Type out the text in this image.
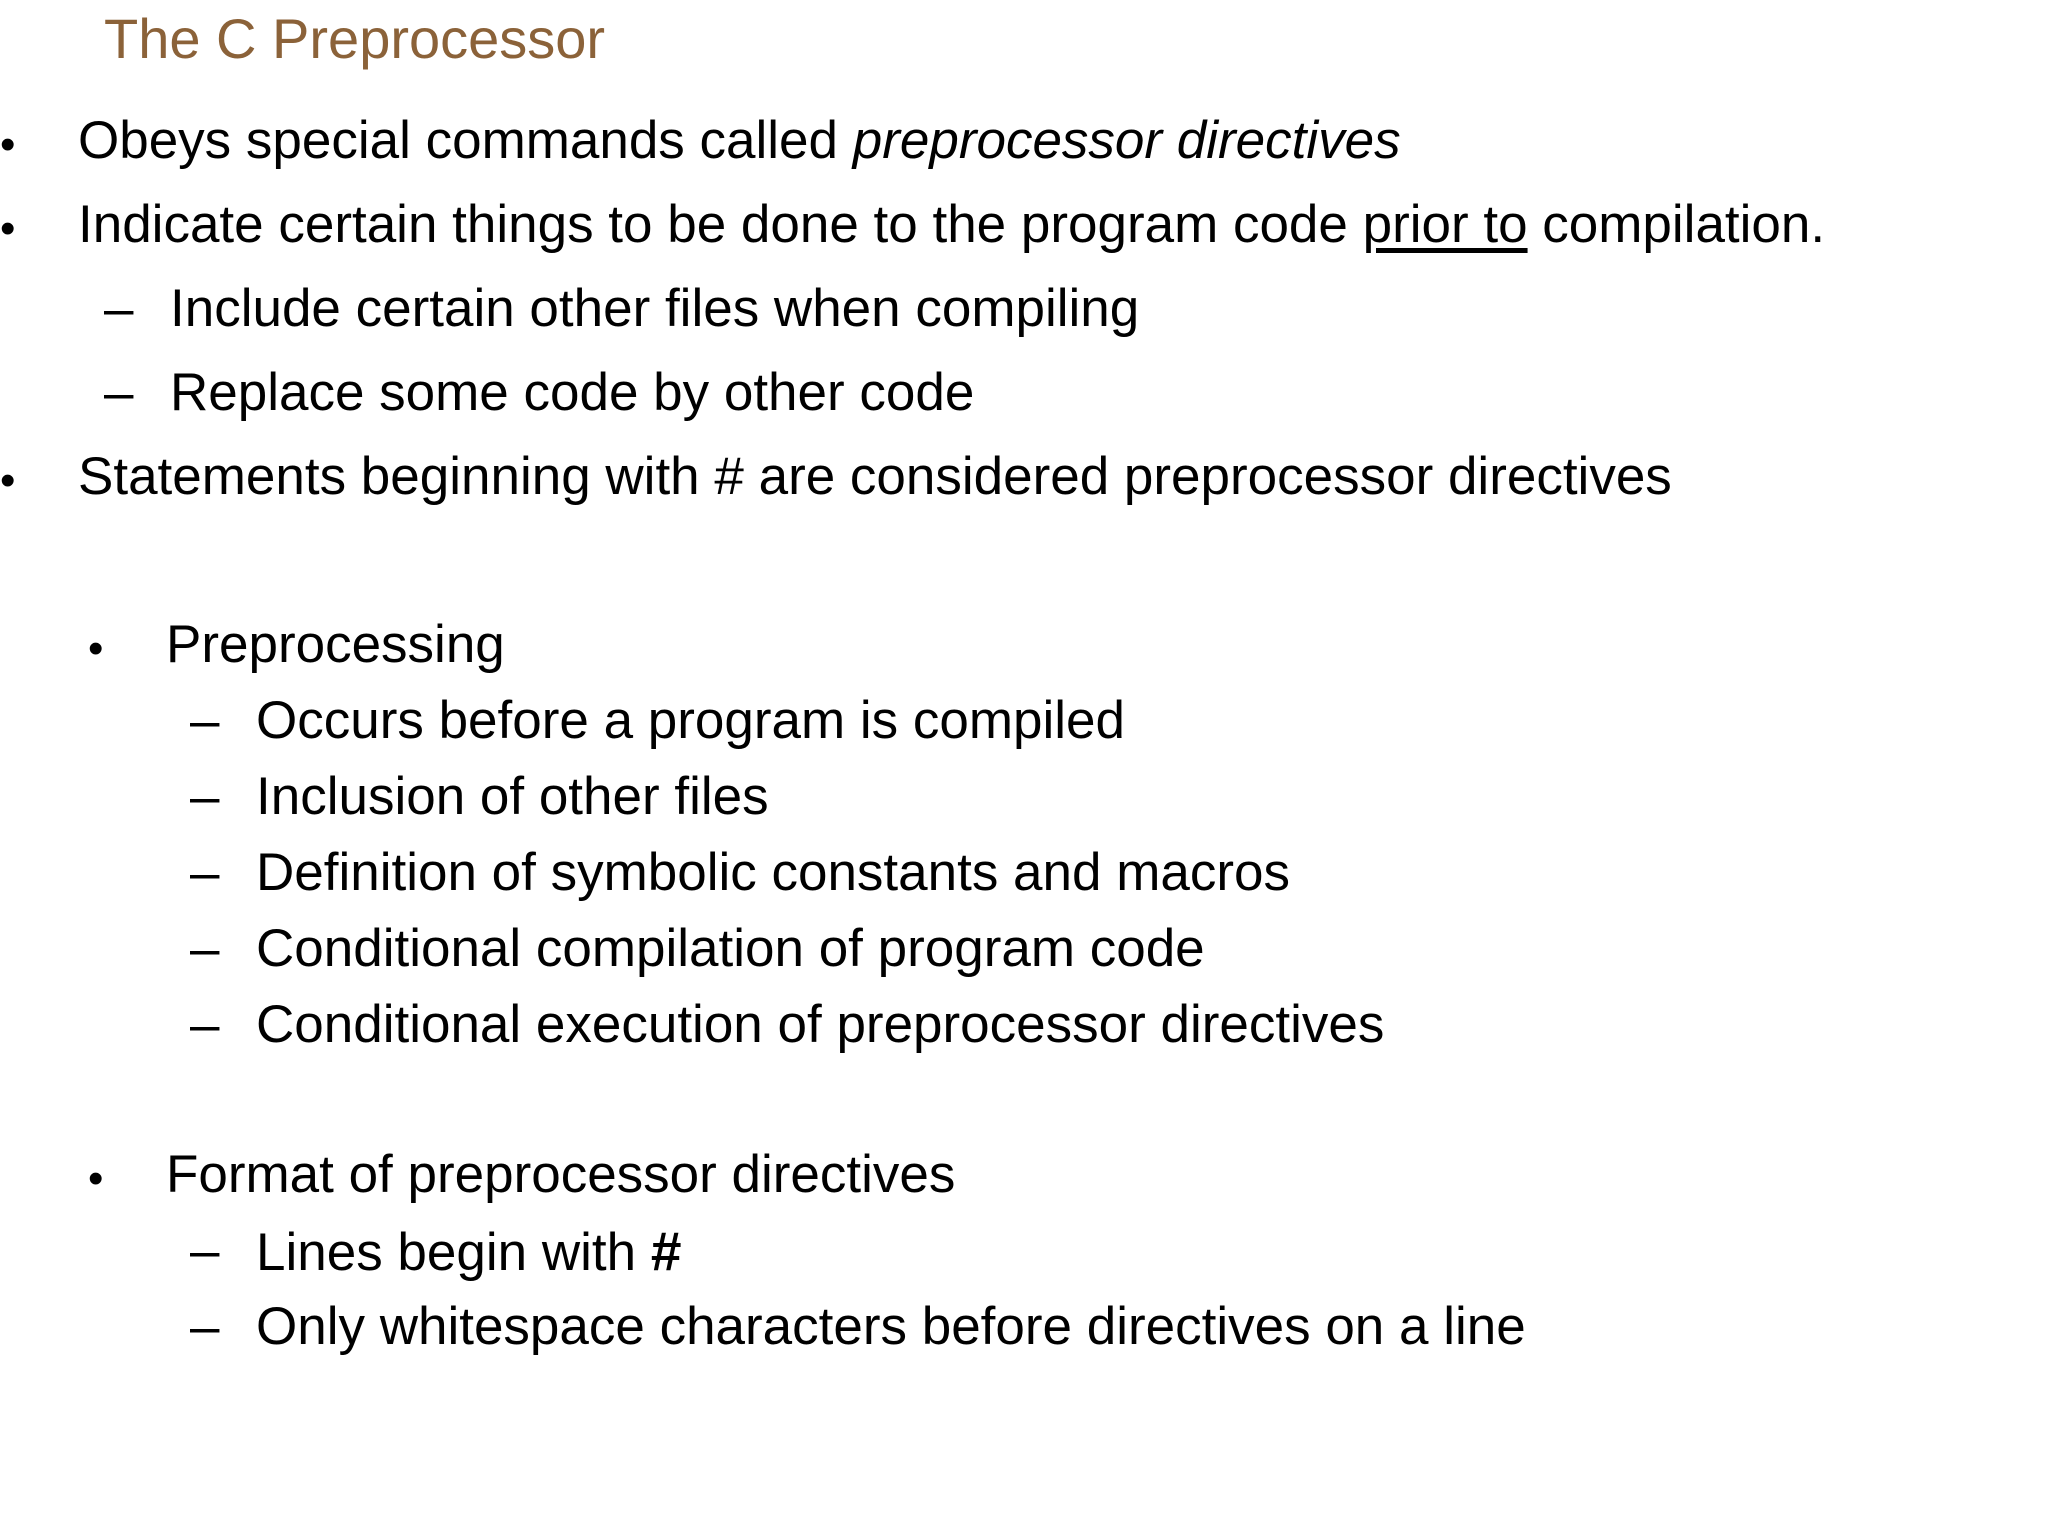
The C Preprocessor
• Obeys special commands called preprocessor directives
• Indicate certain things to be done to the program code prior to compilation.
– Include certain other files when compiling
– Replace some code by other code
• Statements beginning with # are considered preprocessor directives
• Preprocessing
– Occurs before a program is compiled
– Inclusion of other files
– Definition of symbolic constants and macros
– Conditional compilation of program code
– Conditional execution of preprocessor directives
• Format of preprocessor directives
– Lines begin with #
– Only whitespace characters before directives on a line
